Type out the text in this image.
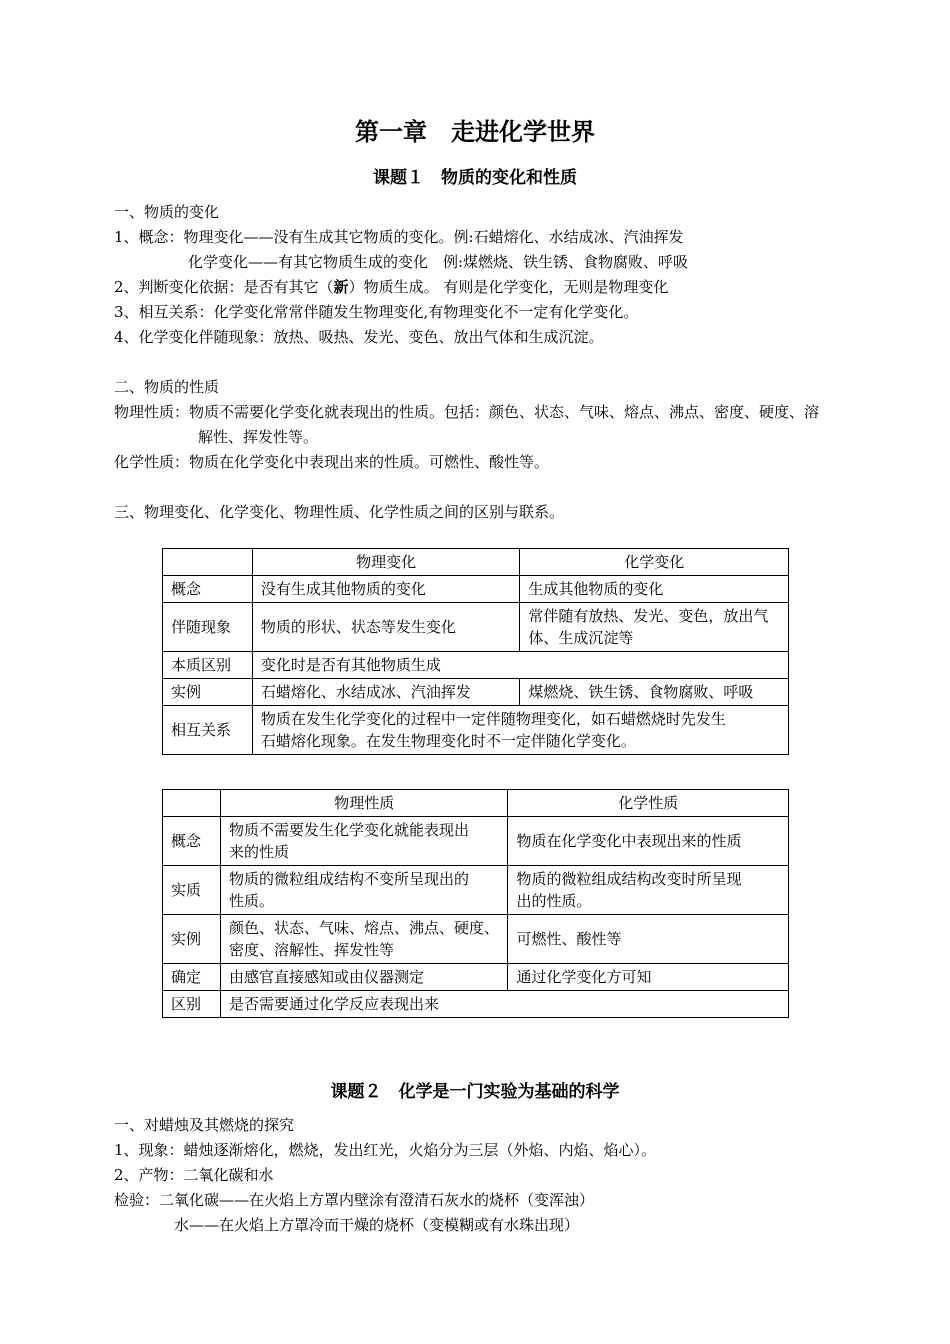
第一章　走进化学世界
课题１　物质的变化和性质
一、物质的变化
1、概念：物理变化——没有生成其它物质的变化。例:石蜡熔化、水结成冰、汽油挥发
化学变化——有其它物质生成的变化　例:煤燃烧、铁生锈、食物腐败、呼吸
2、判断变化依据：是否有其它（新）物质生成。 有则是化学变化，无则是物理变化
3、相互关系：化学变化常常伴随发生物理变化,有物理变化不一定有化学变化。
4、化学变化伴随现象：放热、吸热、发光、变色、放出气体和生成沉淀。
二、物质的性质
物理性质：物质不需要化学变化就表现出的性质。包括：颜色、状态、气味、熔点、沸点、密度、硬度、溶
解性、挥发性等。
化学性质：物质在化学变化中表现出来的性质。可燃性、酸性等。
三、物理变化、化学变化、物理性质、化学性质之间的区别与联系。
	物理变化	化学变化
概念	没有生成其他物质的变化	生成其他物质的变化
伴随现象	物质的形状、状态等发生变化	常伴随有放热、发光、变色，放出气
体、生成沉淀等
本质区别	变化时是否有其他物质生成	
实例	石蜡熔化、水结成冰、汽油挥发	煤燃烧、铁生锈、食物腐败、呼吸
相互关系	物质在发生化学变化的过程中一定伴随物理变化，如石蜡燃烧时先发生
石蜡熔化现象。在发生物理变化时不一定伴随化学变化。	
	物理性质	化学性质
概念	物质不需要发生化学变化就能表现出
来的性质	物质在化学变化中表现出来的性质
实质	物质的微粒组成结构不变所呈现出的
性质。	物质的微粒组成结构改变时所呈现
出的性质。
实例	颜色、状态、气味、熔点、沸点、硬度、
密度、溶解性、挥发性等	可燃性、酸性等
确定	由感官直接感知或由仪器测定	通过化学变化方可知
区别	是否需要通过化学反应表现出来	
课题２　化学是一门实验为基础的科学
一、对蜡烛及其燃烧的探究
1、现象：蜡烛逐渐熔化，燃烧，发出红光，火焰分为三层（外焰、内焰、焰心）。
2、产物：二氧化碳和水
检验：二氧化碳——在火焰上方罩内壁涂有澄清石灰水的烧杯（变浑浊）
水——在火焰上方罩冷而干燥的烧杯（变模糊或有水珠出现）
